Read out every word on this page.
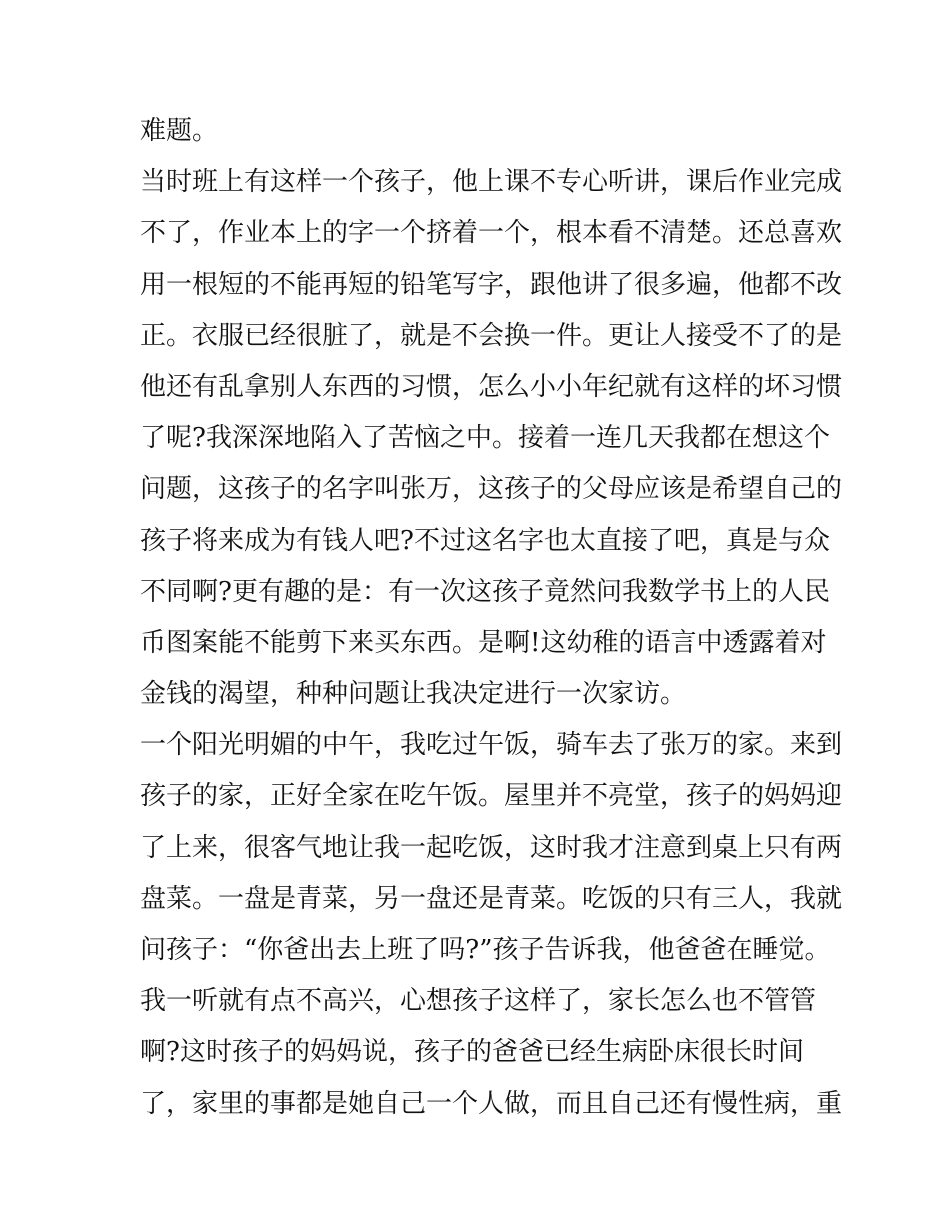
难题。
当时班上有这样一个孩子，他上课不专心听讲，课后作业完成
不了，作业本上的字一个挤着一个，根本看不清楚。还总喜欢
用一根短的不能再短的铅笔写字，跟他讲了很多遍，他都不改
正。衣服已经很脏了，就是不会换一件。更让人接受不了的是
他还有乱拿别人东西的习惯，怎么小小年纪就有这样的坏习惯
了呢?我深深地陷入了苦恼之中。接着一连几天我都在想这个
问题，这孩子的名字叫张万，这孩子的父母应该是希望自己的
孩子将来成为有钱人吧?不过这名字也太直接了吧，真是与众
不同啊?更有趣的是：有一次这孩子竟然问我数学书上的人民
币图案能不能剪下来买东西。是啊!这幼稚的语言中透露着对
金钱的渴望，种种问题让我决定进行一次家访。
一个阳光明媚的中午，我吃过午饭，骑车去了张万的家。来到
孩子的家，正好全家在吃午饭。屋里并不亮堂，孩子的妈妈迎
了上来，很客气地让我一起吃饭，这时我才注意到桌上只有两
盘菜。一盘是青菜，另一盘还是青菜。吃饭的只有三人，我就
问孩子：“你爸出去上班了吗?”孩子告诉我，他爸爸在睡觉。
我一听就有点不高兴，心想孩子这样了，家长怎么也不管管
啊?这时孩子的妈妈说，孩子的爸爸已经生病卧床很长时间
了，家里的事都是她自己一个人做，而且自己还有慢性病，重
